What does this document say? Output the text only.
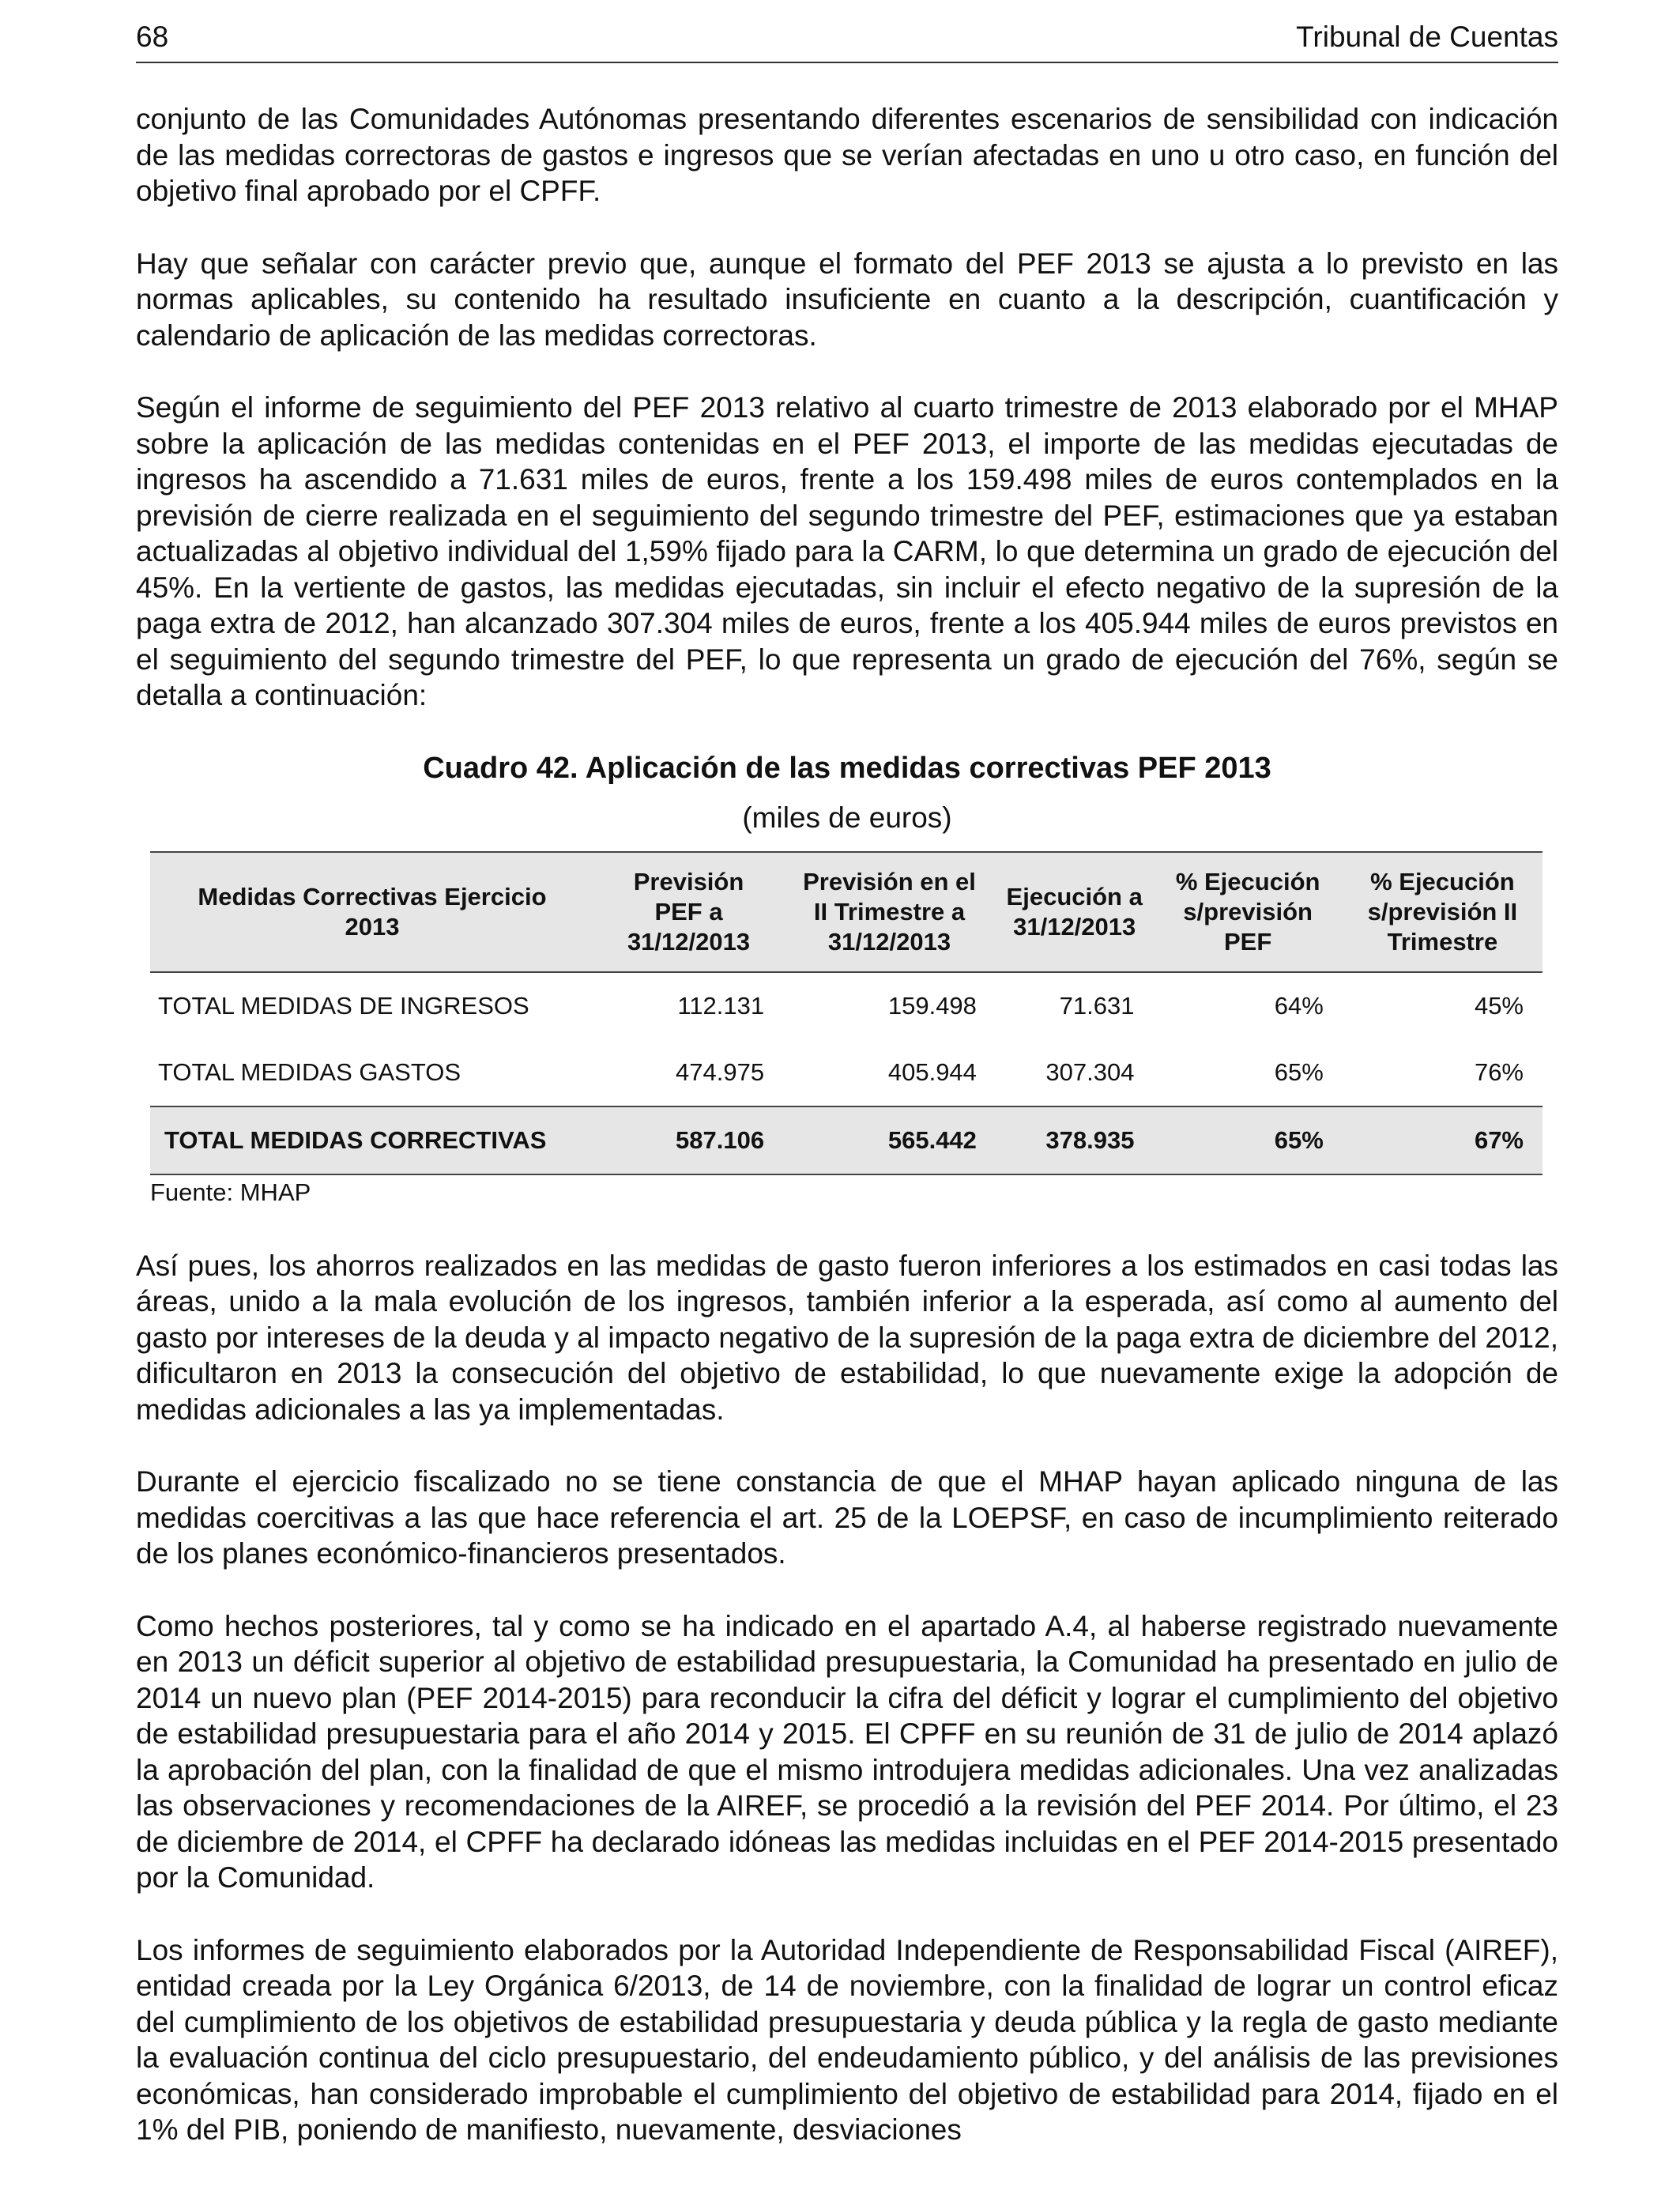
68	Tribunal de Cuentas

conjunto de las Comunidades Autónomas presentando diferentes escenarios de sensibilidad con indicación de las medidas correctoras de gastos e ingresos que se verían afectadas en uno u otro caso, en función del objetivo final aprobado por el CPFF.

Hay que señalar con carácter previo que, aunque el formato del PEF 2013 se ajusta a lo previsto en las normas aplicables, su contenido ha resultado insuficiente en cuanto a la descripción, cuantificación y calendario de aplicación de las medidas correctoras.

Según el informe de seguimiento del PEF 2013 relativo al cuarto trimestre de 2013 elaborado por el MHAP sobre la aplicación de las medidas contenidas en el PEF 2013, el importe de las medidas ejecutadas de ingresos ha ascendido a 71.631 miles de euros, frente a los 159.498 miles de euros contemplados en la previsión de cierre realizada en el seguimiento del segundo trimestre del PEF, estimaciones que ya estaban actualizadas al objetivo individual del 1,59% fijado para la CARM, lo que determina un grado de ejecución del 45%. En la vertiente de gastos, las medidas ejecutadas, sin incluir el efecto negativo de la supresión de la paga extra de 2012, han alcanzado 307.304 miles de euros, frente a los 405.944 miles de euros previstos en el seguimiento del segundo trimestre del PEF, lo que representa un grado de ejecución del 76%, según se detalla a continuación:

Cuadro 42. Aplicación de las medidas correctivas PEF 2013
(miles de euros)
Medidas Correctivas Ejercicio 2013	Previsión PEF a 31/12/2013	Previsión en el II Trimestre a 31/12/2013	Ejecución a 31/12/2013	% Ejecución s/previsión PEF	% Ejecución s/previsión II Trimestre
TOTAL MEDIDAS DE INGRESOS	112.131	159.498	71.631	64%	45%
TOTAL MEDIDAS GASTOS	474.975	405.944	307.304	65%	76%
TOTAL MEDIDAS CORRECTIVAS	587.106	565.442	378.935	65%	67%
Fuente: MHAP

Así pues, los ahorros realizados en las medidas de gasto fueron inferiores a los estimados en casi todas las áreas, unido a la mala evolución de los ingresos, también inferior a la esperada, así como al aumento del gasto por intereses de la deuda y al impacto negativo de la supresión de la paga extra de diciembre del 2012, dificultaron en 2013 la consecución del objetivo de estabilidad, lo que nuevamente exige la adopción de medidas adicionales a las ya implementadas.

Durante el ejercicio fiscalizado no se tiene constancia de que el MHAP hayan aplicado ninguna de las medidas coercitivas a las que hace referencia el art. 25 de la LOEPSF, en caso de incumplimiento reiterado de los planes económico-financieros presentados.

Como hechos posteriores, tal y como se ha indicado en el apartado A.4, al haberse registrado nuevamente en 2013 un déficit superior al objetivo de estabilidad presupuestaria, la Comunidad ha presentado en julio de 2014 un nuevo plan (PEF 2014-2015) para reconducir la cifra del déficit y lograr el cumplimiento del objetivo de estabilidad presupuestaria para el año 2014 y 2015. El CPFF en su reunión de 31 de julio de 2014 aplazó la aprobación del plan, con la finalidad de que el mismo introdujera medidas adicionales. Una vez analizadas las observaciones y recomendaciones de la AIREF, se procedió a la revisión del PEF 2014. Por último, el 23 de diciembre de 2014, el CPFF ha declarado idóneas las medidas incluidas en el PEF 2014-2015 presentado por la Comunidad.

Los informes de seguimiento elaborados por la Autoridad Independiente de Responsabilidad Fiscal (AIREF), entidad creada por la Ley Orgánica 6/2013, de 14 de noviembre, con la finalidad de lograr un control eficaz del cumplimiento de los objetivos de estabilidad presupuestaria y deuda pública y la regla de gasto mediante la evaluación continua del ciclo presupuestario, del endeudamiento público, y del análisis de las previsiones económicas, han considerado improbable el cumplimiento del objetivo de estabilidad para 2014, fijado en el 1% del PIB, poniendo de manifiesto, nuevamente, desviaciones
